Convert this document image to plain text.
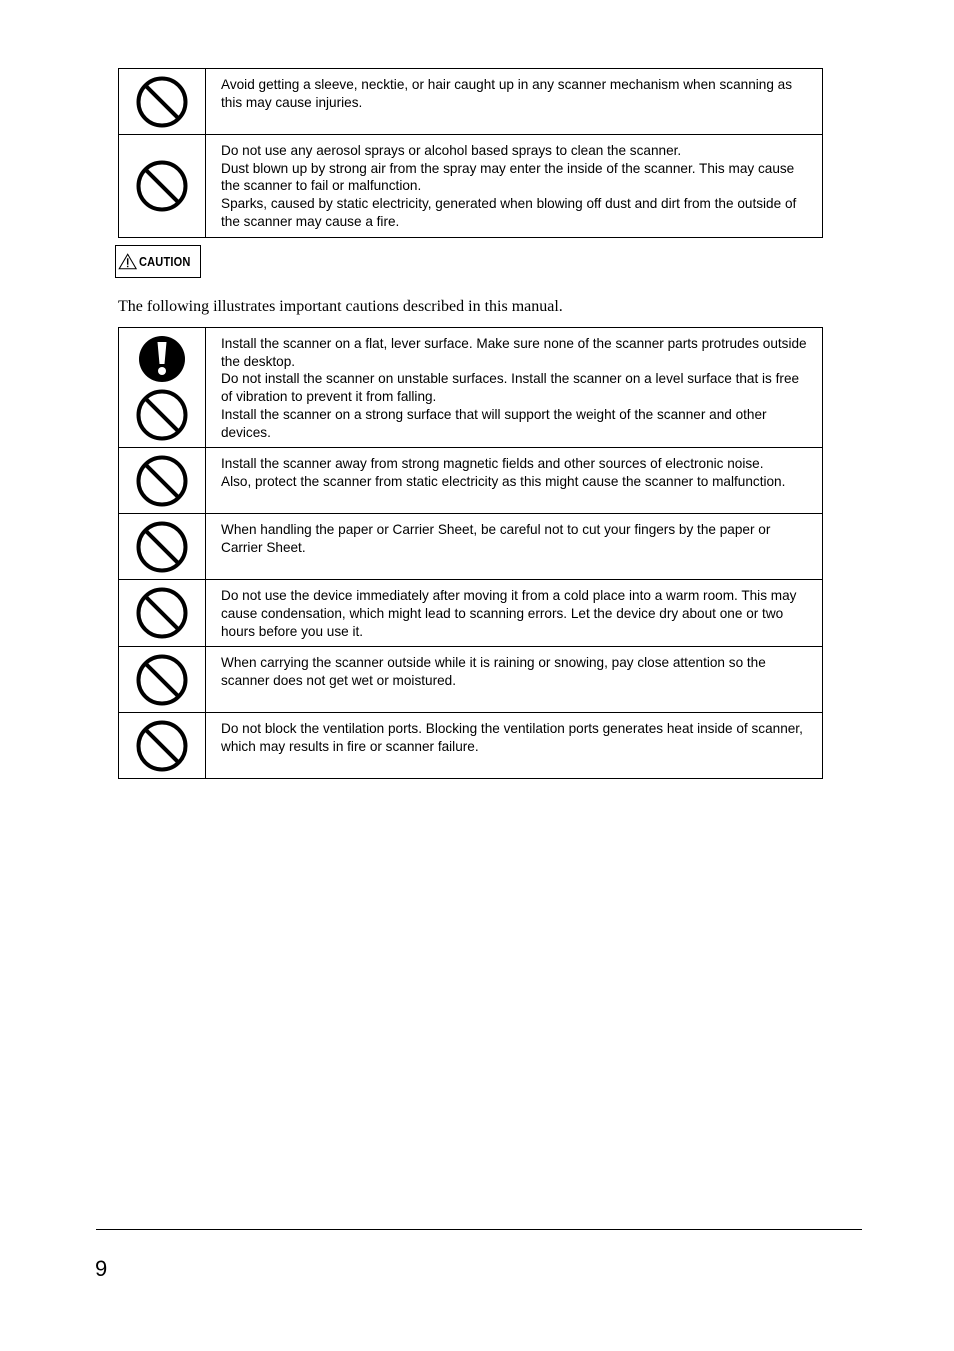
Avoid getting a sleeve, necktie, or hair caught up in any scanner mechanism when scanning as this may cause injuries.

Do not use any aerosol sprays or alcohol based sprays to clean the scanner.

Dust blown up by strong air from the spray may enter the inside of the scanner. This may cause the scanner to fail or malfunction.

Sparks, caused by static electricity, generated when blowing off dust and dirt from the outside of the scanner may cause a fire.

CAUTION

The following illustrates important cautions described in this manual.

Install the scanner on a flat, lever surface. Make sure none of the scanner parts protrudes outside the desktop.

Do not install the scanner on unstable surfaces. Install the scanner on a level surface that is free of vibration to prevent it from falling.

Install the scanner on a strong surface that will support the weight of the scanner and other devices.

Install the scanner away from strong magnetic fields and other sources of electronic noise.

Also, protect the scanner from static electricity as this might cause the scanner to malfunction.

When handling the paper or Carrier Sheet, be careful not to cut your fingers by the paper or Carrier Sheet.

Do not use the device immediately after moving it from a cold place into a warm room. This may cause condensation, which might lead to scanning errors. Let the device dry about one or two hours before you use it.

When carrying the scanner outside while it is raining or snowing, pay close attention so the scanner does not get wet or moistured.

Do not block the ventilation ports. Blocking the ventilation ports generates heat inside of scanner, which may results in fire or scanner failure.

9
